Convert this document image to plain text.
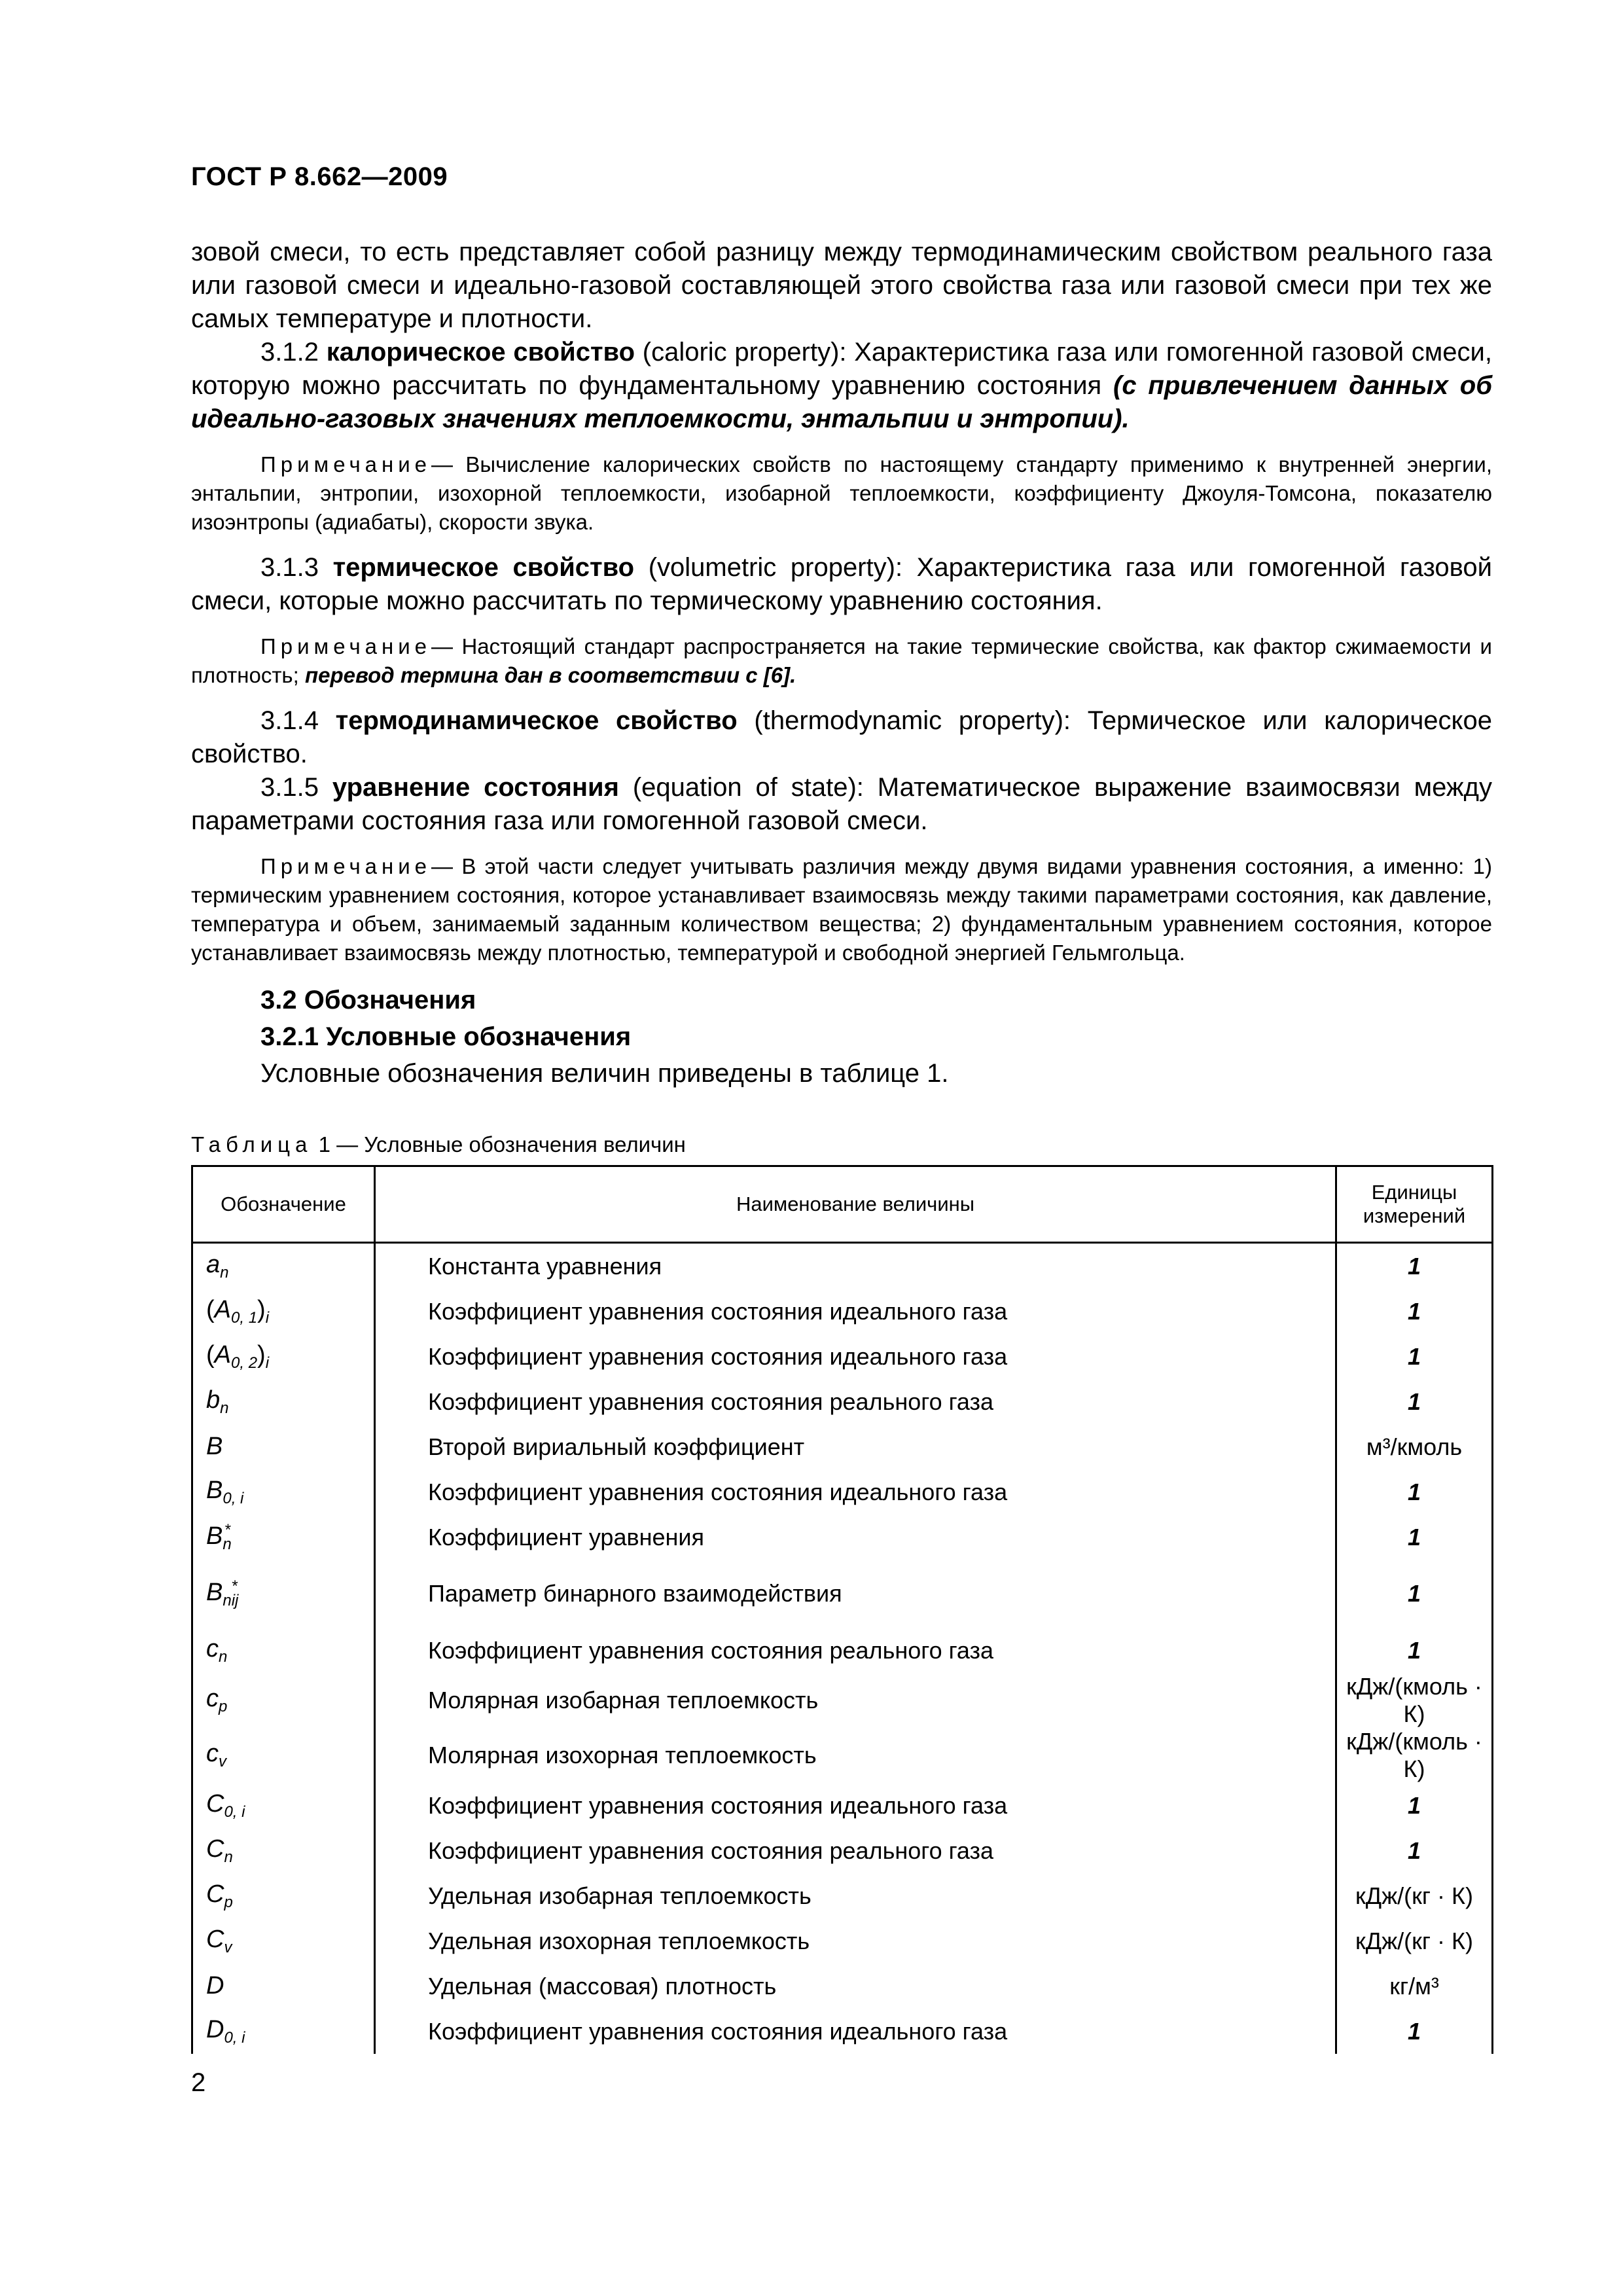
ГОСТ Р 8.662—2009

зовой смеси, то есть представляет собой разницу между термодинамическим свойством реального газа или газовой смеси и идеально-газовой составляющей этого свойства газа или газовой смеси при тех же самых температуре и плотности.

3.1.2 калорическое свойство (caloric property): Характеристика газа или гомогенной газовой смеси, которую можно рассчитать по фундаментальному уравнению состояния (с привлечением данных об идеально-газовых значениях теплоемкости, энтальпии и энтропии).

Примечание— Вычисление калорических свойств по настоящему стандарту применимо к внутренней энергии, энтальпии, энтропии, изохорной теплоемкости, изобарной теплоемкости, коэффициенту Джоуля-Томсона, показателю изоэнтропы (адиабаты), скорости звука.

3.1.3 термическое свойство (volumetric property): Характеристика газа или гомогенной газовой смеси, которые можно рассчитать по термическому уравнению состояния.

Примечание— Настоящий стандарт распространяется на такие термические свойства, как фактор сжимаемости и плотность; перевод термина дан в соответствии с [6].

3.1.4 термодинамическое свойство (thermodynamic property): Термическое или калорическое свойство.

3.1.5 уравнение состояния (equation of state): Математическое выражение взаимосвязи между параметрами состояния газа или гомогенной газовой смеси.

Примечание— В этой части следует учитывать различия между двумя видами уравнения состояния, а именно: 1) термическим уравнением состояния, которое устанавливает взаимосвязь между такими параметрами состояния, как давление, температура и объем, занимаемый заданным количеством вещества; 2) фундаментальным уравнением состояния, которое устанавливает взаимосвязь между плотностью, температурой и свободной энергией Гельмгольца.

3.2 Обозначения

3.2.1 Условные обозначения

Условные обозначения величин приведены в таблице 1.

Таблица 1 — Условные обозначения величин
Обозначение	Наименование величины	Единицы измерений
$a_n$	Константа уравнения	1
$(A_{0, 1})_i$	Коэффициент уравнения состояния идеального газа	1
$(A_{0, 2})_i$	Коэффициент уравнения состояния идеального газа	1
$b_n$	Коэффициент уравнения состояния реального газа	1
B	Второй вириальный коэффициент	м³/кмоль
$B_{0, i}$	Коэффициент уравнения состояния идеального газа	1
$B_n^*$	Коэффициент уравнения	1
$B_{nij}^*$	Параметр бинарного взаимодействия	1
$c_n$	Коэффициент уравнения состояния реального газа	1
$c_p$	Молярная изобарная теплоемкость	кДж/(кмоль · К)
$c_v$	Молярная изохорная теплоемкость	кДж/(кмоль · К)
$C_{0, i}$	Коэффициент уравнения состояния идеального газа	1
$C_n$	Коэффициент уравнения состояния реального газа	1
$C_p$	Удельная изобарная теплоемкость	кДж/(кг · К)
$C_v$	Удельная изохорная теплоемкость	кДж/(кг · К)
D	Удельная (массовая) плотность	кг/м³
$D_{0, i}$	Коэффициент уравнения состояния идеального газа	1
2
